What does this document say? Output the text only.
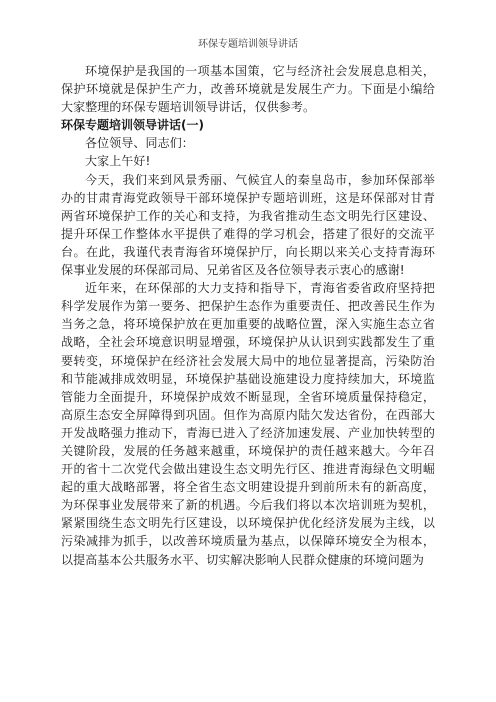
环保专题培训领导讲话

环境保护是我国的一项基本国策，它与经济社会发展息息相关，保护环境就是保护生产力，改善环境就是发展生产力。下面是小编给大家整理的环保专题培训领导讲话，仅供参考。

环保专题培训领导讲话(一)

各位领导、同志们：

大家上午好!

今天，我们来到风景秀丽、气候宜人的秦皇岛市，参加环保部举办的甘肃青海党政领导干部环境保护专题培训班，这是环保部对甘青两省环境保护工作的关心和支持，为我省推动生态文明先行区建设、提升环保工作整体水平提供了难得的学习机会，搭建了很好的交流平台。在此，我谨代表青海省环境保护厅，向长期以来关心支持青海环保事业发展的环保部司局、兄弟省区及各位领导表示衷心的感谢!

近年来，在环保部的大力支持和指导下，青海省委省政府坚持把科学发展作为第一要务、把保护生态作为重要责任、把改善民生作为当务之急，将环境保护放在更加重要的战略位置，深入实施生态立省战略，全社会环境意识明显增强，环境保护从认识到实践都发生了重要转变，环境保护在经济社会发展大局中的地位显著提高，污染防治和节能减排成效明显，环境保护基础设施建设力度持续加大，环境监管能力全面提升，环境保护成效不断显现，全省环境质量保持稳定，高原生态安全屏障得到巩固。但作为高原内陆欠发达省份，在西部大开发战略强力推动下，青海已进入了经济加速发展、产业加快转型的关键阶段，发展的任务越来越重，环境保护的责任越来越大。今年召开的省十二次党代会做出建设生态文明先行区、推进青海绿色文明崛起的重大战略部署，将全省生态文明建设提升到前所未有的新高度，为环保事业发展带来了新的机遇。今后我们将以本次培训班为契机，紧紧围绕生态文明先行区建设，以环境保护优化经济发展为主线，以污染减排为抓手，以改善环境质量为基点，以保障环境安全为根本，以提高基本公共服务水平、切实解决影响人民群众健康的环境问题为
